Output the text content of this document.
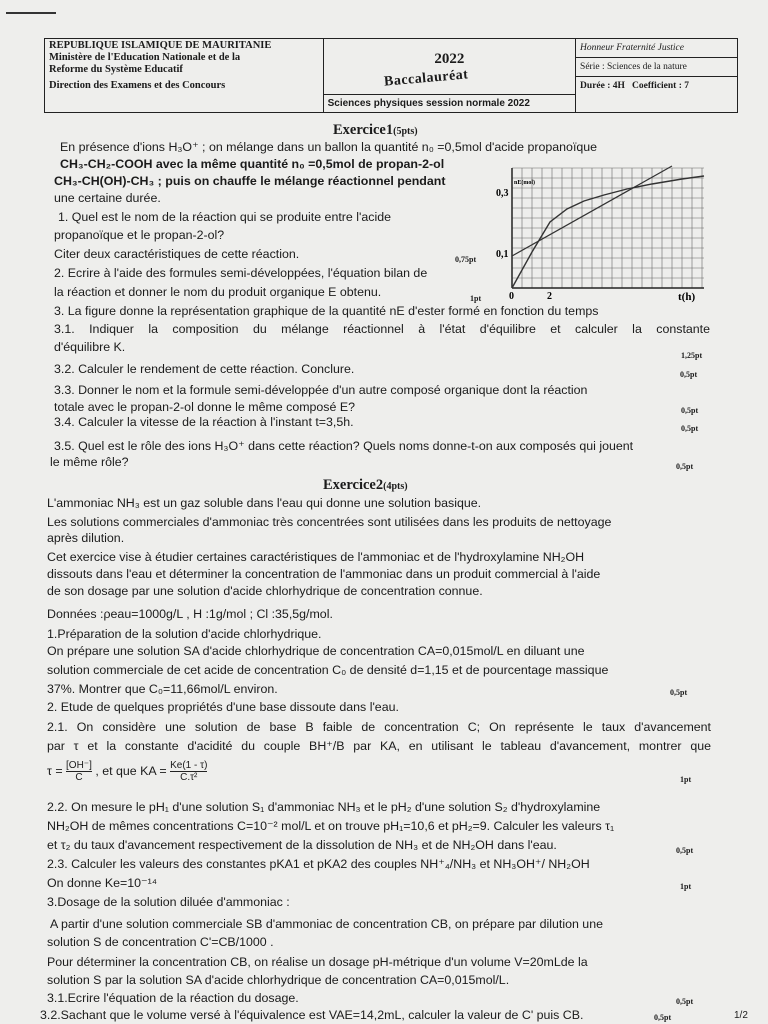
REPUBLIQUE ISLAMIQUE DE MAURITANIE
Ministère de l'Education Nationale et de la
Reforme du Système Educatif
Direction des Examens et des Concours

2022
Baccalauréat
Sciences physiques session normale 2022

Honneur Fraternité Justice
Série : Sciences de la nature
Durée : 4H Coefficient : 7
Exercice1(5pts)
En présence d'ions H₃O⁺ ; on mélange dans un ballon la quantité n₀ =0,5mol d'acide propanoïque
CH₃-CH₂-COOH avec la même quantité n₀ =0,5mol de propan-2-ol
CH₃-CH(OH)-CH₃ ; puis on chauffe le mélange réactionnel pendant
une certaine durée.
1. Quel est le nom de la réaction qui se produite entre l'acide
propanoïque et le propan-2-ol?
Citer deux caractéristiques de cette réaction.	0,75pt
2. Ecrire à l'aide des formules semi-développées, l'équation bilan de
la réaction et donner le nom du produit organique E obtenu.	1pt
0,3
nE(mol)
0,1
0	2	t(h)
3. La figure donne la représentation graphique de la quantité nE d'ester formé en fonction du temps
3.1. Indiquer la composition du mélange réactionnel à l'état d'équilibre et calculer la constante
d'équilibre K.
1,25pt
3.2. Calculer le rendement de cette réaction. Conclure.	0,5pt
3.3. Donner le nom et la formule semi-développée d'un autre composé organique dont la réaction
totale avec le propan-2-ol donne le même composé E?	0,5pt
3.4. Calculer la vitesse de la réaction à l'instant t=3,5h.	0,5pt
3.5. Quel est le rôle des ions H₃O⁺ dans cette réaction? Quels noms donne-t-on aux composés qui jouent
le même rôle?	0,5pt
Exercice2(4pts)
L'ammoniac NH₃ est un gaz soluble dans l'eau qui donne une solution basique.
Les solutions commerciales d'ammoniac très concentrées sont utilisées dans les produits de nettoyage
après dilution.
Cet exercice vise à étudier certaines caractéristiques de l'ammoniac et de l'hydroxylamine NH₂OH
dissouts dans l'eau et déterminer la concentration de l'ammoniac dans un produit commercial à l'aide
de son dosage par une solution d'acide chlorhydrique de concentration connue.
Données :ρeau=1000g/L , H :1g/mol ; Cl :35,5g/mol.
1.Préparation de la solution d'acide chlorhydrique.
On prépare une solution SA d'acide chlorhydrique de concentration CA=0,015mol/L en diluant une
solution commerciale de cet acide de concentration C₀ de densité d=1,15 et de pourcentage massique
37%. Montrer que C₀=11,66mol/L environ.	0,5pt
2. Etude de quelques propriétés d'une base dissoute dans l'eau.
2.1. On considère une solution de base B faible de concentration C; On représente le taux d'avancement
par τ et la constante d'acidité du couple BH⁺/B par KA, en utilisant le tableau d'avancement, montrer que
$\tau = \frac{[OH^-]}{C}$ , et que KA = $\frac{Ke(1 - \tau)}{\text{C.τ²}}$	1pt
2.2. On mesure le pH₁ d'une solution S₁ d'ammoniac NH₃ et le pH₂ d'une solution S₂ d'hydroxylamine
NH₂OH de mêmes concentrations C=10⁻² mol/L et on trouve pH₁=10,6 et pH₂=9. Calculer les valeurs τ₁
et τ₂ du taux d'avancement respectivement de la dissolution de NH₃ et de NH₂OH dans l'eau.	0,5pt
2.3. Calculer les valeurs des constantes pKA1 et pKA2 des couples NH⁺₄/NH₃ et NH₃OH⁺/ NH₂OH
On donne Ke=10⁻¹⁴	1pt
3.Dosage de la solution diluée d'ammoniac :
A partir d'une solution commerciale SB d'ammoniac de concentration CB, on prépare par dilution une
solution S de concentration C'=CB/1000 .
Pour déterminer la concentration CB, on réalise un dosage pH-métrique d'un volume V=20mLde la
solution S par la solution SA d'acide chlorhydrique de concentration CA=0,015mol/L.
3.1.Ecrire l'équation de la réaction du dosage.	0,5pt
3.2.Sachant que le volume versé à l'équivalence est VAE=14,2mL, calculer la valeur de C' puis CB.	0,5pt	1/2
